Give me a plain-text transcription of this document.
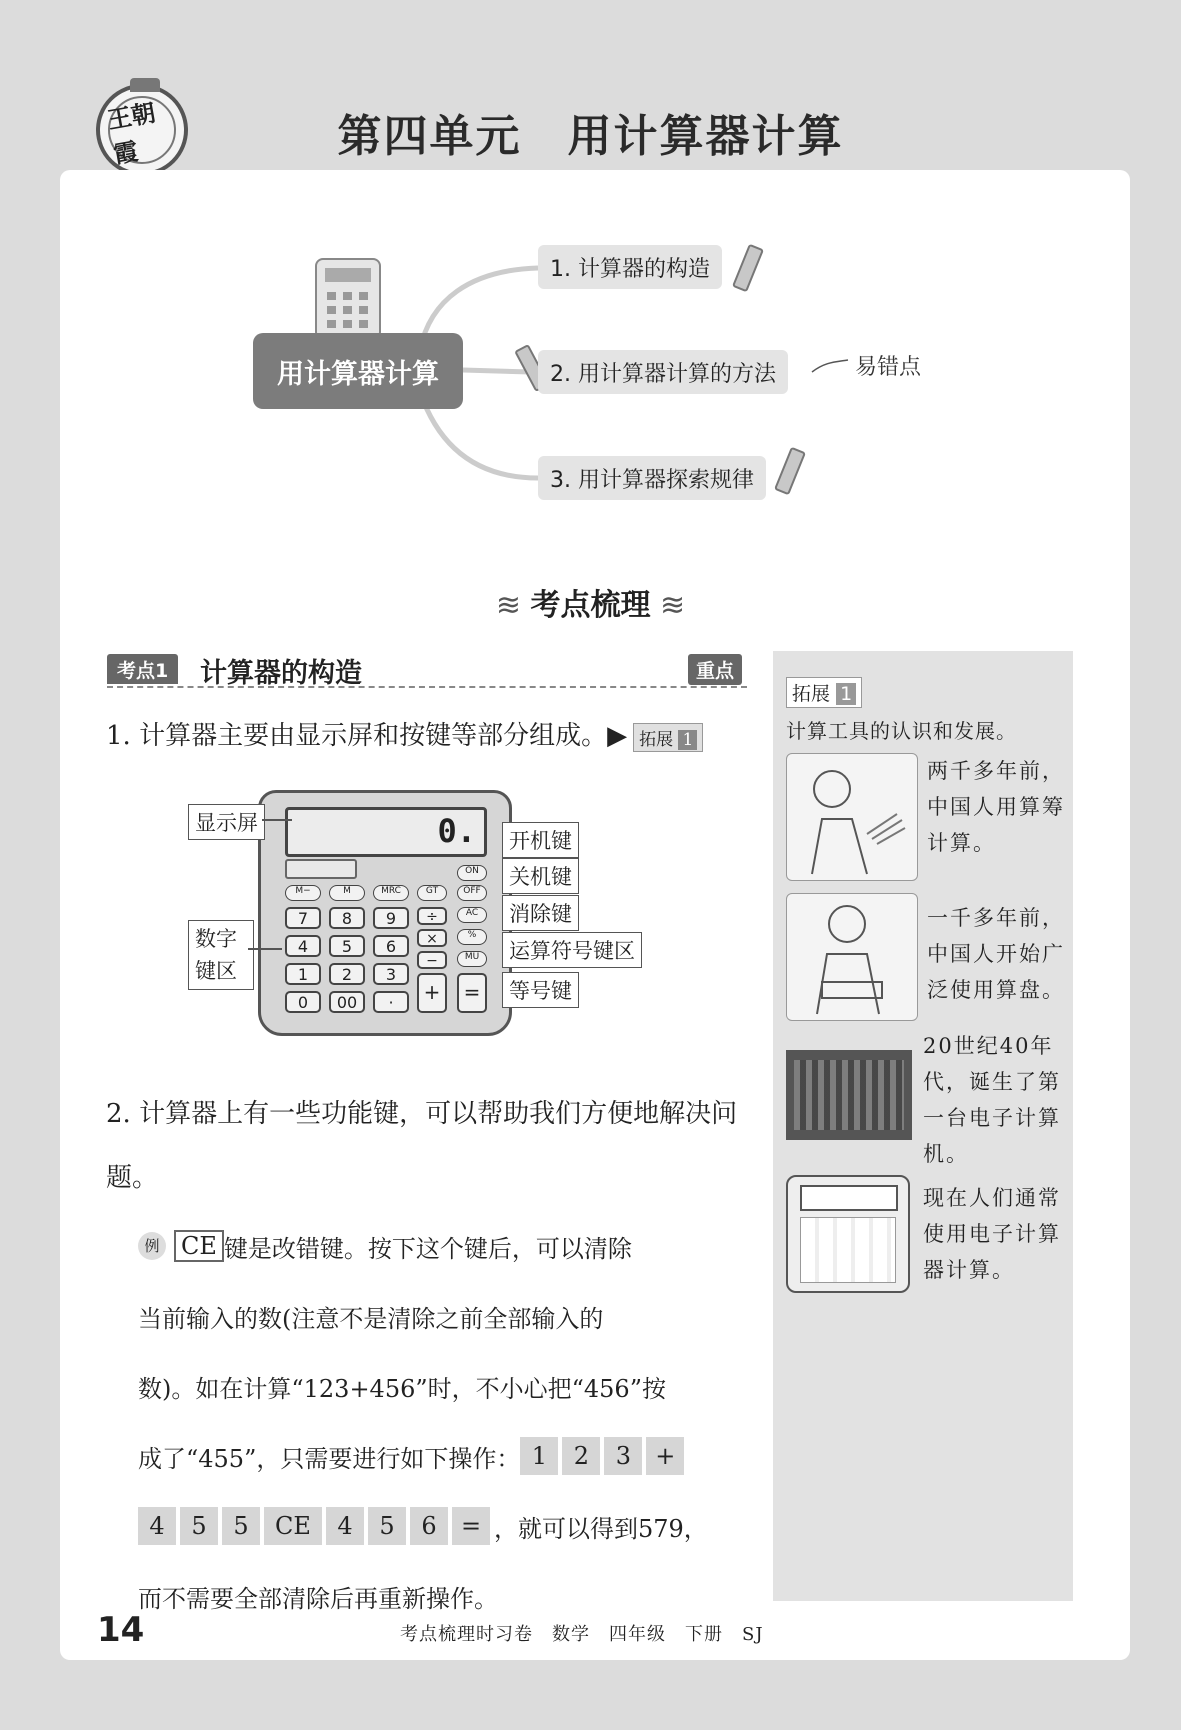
王朝霞	第四单元　用计算器计算
用计算器计算
1. 计算器的构造
2. 用计算器计算的方法	易错点
3. 用计算器探索规律
≋ 考点梳理 ≋
考点1	计算器的构造	重点
1. 计算器主要由显示屏和按键等部分组成。▶ 拓展 1
0.
M−	M	MRC	GT	OFF
ON
AC
%
MU
7	8	9	÷
4	5	6	×
1	2	3
−
0	00	·	+	=
显示屏
数字
键区
开机键
关机键
消除键
运算符号键区
等号键
2. 计算器上有一些功能键，可以帮助我们方便地解决问题。
例 CE 键是改错键。按下这个键后，可以清除
当前输入的数(注意不是清除之前全部输入的
数)。如在计算“123+456”时，不小心把“456”按
成了“455”，只需要进行如下操作： 1	2	3	+
4	5	5	CE	4	5	6	= ，就可以得到579，
而不需要全部清除后再重新操作。
拓展 1
计算工具的认识和发展。
两千多年前，中国人用算筹计算。
一千多年前，中国人开始广泛使用算盘。
20世纪40年代，诞生了第一台电子计算机。
现在人们通常使用电子计算器计算。
14	考点梳理时习卷　数学　四年级　下册　SJ
